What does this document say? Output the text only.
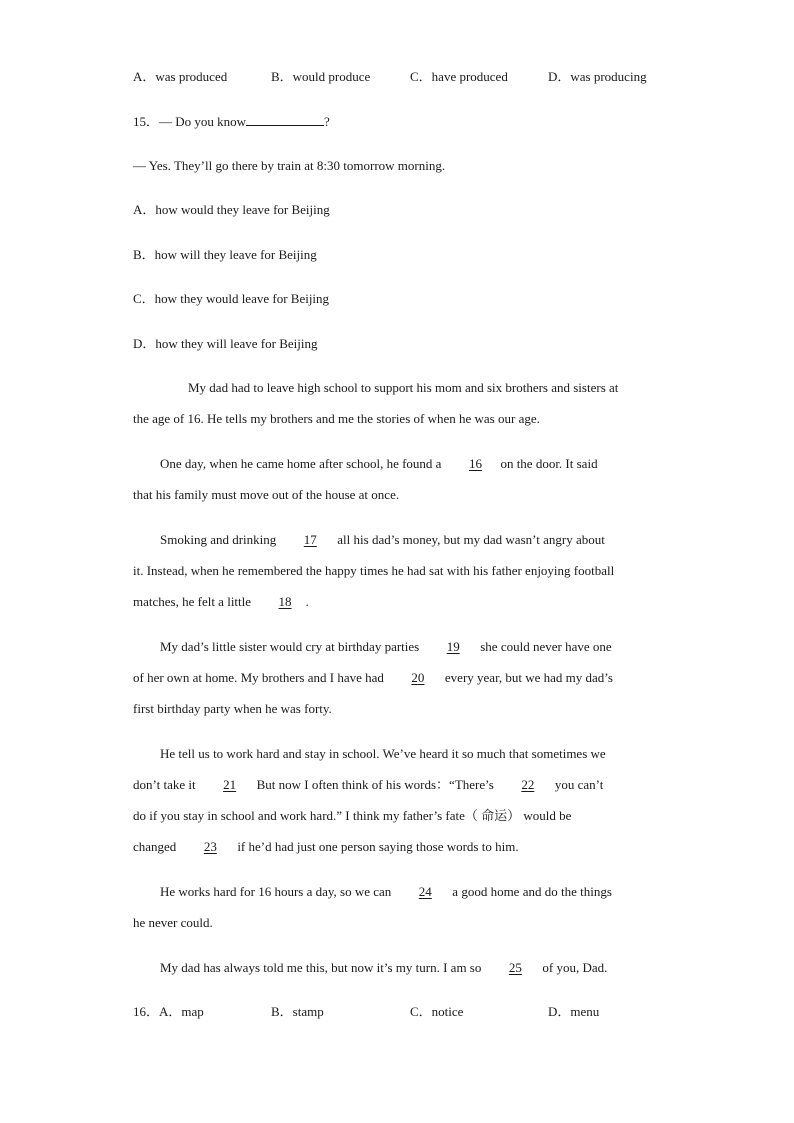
A．was produced	B．would produce	C．have produced	D．was producing
15．— Do you know	?
— Yes. They’ll go there by train at 8:30 tomorrow morning.
A．how would they leave for Beijing
B．how will they leave for Beijing
C．how they would leave for Beijing
D．how they will leave for Beijing
My dad had to leave high school to support his mom and six brothers and sisters at
the age of 16. He tells my brothers and me the stories of when he was our age.
One day, when he came home after school, he found a 16 on the door. It said
that his family must move out of the house at once.
Smoking and drinking 17 all his dad’s money, but my dad wasn’t angry about
it. Instead, when he remembered the happy times he had sat with his father enjoying football
matches, he felt a little 18 .
My dad’s little sister would cry at birthday parties 19 she could never have one
of her own at home. My brothers and I have had 20 every year, but we had my dad’s
first birthday party when he was forty.
He tell us to work hard and stay in school. We’ve heard it so much that sometimes we
don’t take it 21 But now I often think of his words：“There’s 22 you can’t
do if you stay in school and work hard.” I think my father’s fate（ 命运） would be
changed 23 if he’d had just one person saying those words to him.
He works hard for 16 hours a day, so we can 24 a good home and do the things
he never could.
My dad has always told me this, but now it’s my turn. I am so 25 of you, Dad.
16．A．map	B．stamp	C．notice	D．menu
